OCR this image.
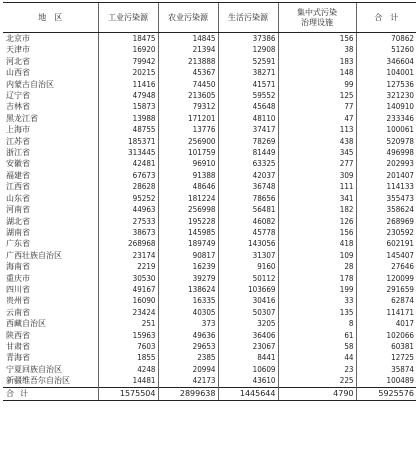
地　区	工业污染源	农业污染源	生活污染源	集中式污染
治理设施	合　计
北京市	18475	14845	37386	156	70862
天津市	16920	21394	12908	38	51260
河北省	79942	213888	52591	183	346604
山西省	20215	45367	38271	148	104001
内蒙古自治区	11416	74450	41571	99	127536
辽宁省	47948	213605	59552	125	321230
吉林省	15873	79312	45648	77	140910
黑龙江省	13988	171201	48110	47	233346
上海市	48755	13776	37417	113	100061
江苏省	185371	256900	78269	438	520978
浙江省	313445	101759	81449	345	496998
安徽省	42481	96910	63325	277	202993
福建省	67673	91388	42037	309	201407
江西省	28628	48646	36748	111	114133
山东省	95252	181224	78656	341	355473
河南省	44963	256998	56481	182	358624
湖北省	27533	195228	46082	126	268969
湖南省	38673	145985	45778	156	230592
广东省	268968	189749	143056	418	602191
广西壮族自治区	23174	90817	31307	109	145407
海南省	2219	16239	9160	28	27646
重庆市	30530	39279	50112	178	120099
四川省	49167	138624	103669	199	291659
贵州省	16090	16335	30416	33	62874
云南省	23424	40305	50307	135	114171
西藏自治区	251	373	3205	8	4017
陕西省	15963	49636	36406	61	102066
甘肃省	7603	29653	23067	58	60381
青海省	1855	2385	8441	44	12725
宁夏回族自治区	4248	20994	10609	23	35874
新疆维吾尔自治区	14481	42173	43610	225	100489
合计	1575504	2899638	1445644	4790	5925576
